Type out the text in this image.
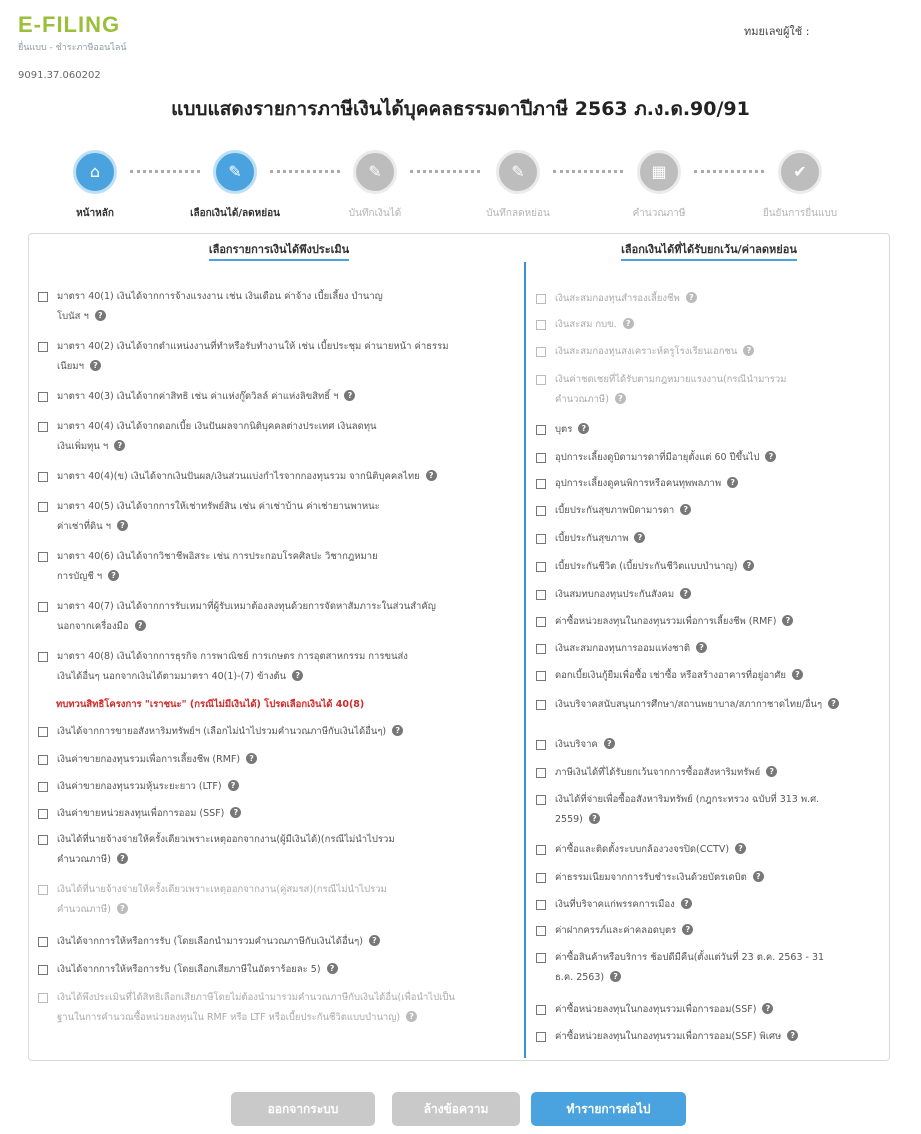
E-FILING
ยื่นแบบ - ชำระภาษีออนไลน์
ทมยเลขผู้ใช้ :
9091.37.060202
แบบแสดงรายการภาษีเงินได้บุคคลธรรมดาปีภาษี 2563 ภ.ง.ด.90/91
⌂
หน้าหลัก
✎
เลือกเงินได้/ลดหย่อน
✎
บันทึกเงินได้
✎
บันทึกลดหย่อน
▦
คำนวณภาษี
✔
ยืนยันการยื่นแบบ
เลือกรายการเงินได้พึงประเมิน	เลือกเงินได้ที่ได้รับยกเว้น/ค่าลดหย่อน
มาตรา 40(1) เงินได้จากการจ้างแรงงาน เช่น เงินเดือน ค่าจ้าง เบี้ยเลี้ยง บำนาญ
โบนัส ฯ ?
มาตรา 40(2) เงินได้จากตำแหน่งงานที่ทำหรือรับทำงานให้ เช่น เบี้ยประชุม ค่านายหน้า ค่าธรรม
เนียมฯ ?
มาตรา 40(3) เงินได้จากค่าสิทธิ เช่น ค่าแห่งกู๊ดวิลล์ ค่าแห่งลิขสิทธิ์ ฯ ?
มาตรา 40(4) เงินได้จากดอกเบี้ย เงินปันผลจากนิติบุคคลต่างประเทศ เงินลดทุน
เงินเพิ่มทุน ฯ ?
มาตรา 40(4)(ข) เงินได้จากเงินปันผล/เงินส่วนแบ่งกำไรจากกองทุนรวม จากนิติบุคคลไทย ?
มาตรา 40(5) เงินได้จากการให้เช่าทรัพย์สิน เช่น ค่าเช่าบ้าน ค่าเช่ายานพาหนะ
ค่าเช่าที่ดิน ฯ ?
มาตรา 40(6) เงินได้จากวิชาชีพอิสระ เช่น การประกอบโรคศิลปะ วิชากฎหมาย
การบัญชี ฯ ?
มาตรา 40(7) เงินได้จากการรับเหมาที่ผู้รับเหมาต้องลงทุนด้วยการจัดหาสัมภาระในส่วนสำคัญ
นอกจากเครื่องมือ ?
มาตรา 40(8) เงินได้จากการธุรกิจ การพาณิชย์ การเกษตร การอุตสาหกรรม การขนส่ง
เงินได้อื่นๆ นอกจากเงินได้ตามมาตรา 40(1)-(7) ข้างต้น ?
เงินได้จากการขายอสังหาริมทรัพย์ฯ (เลือกไม่นำไปรวมคำนวณภาษีกับเงินได้อื่นๆ) ?
เงินค่าขายกองทุนรวมเพื่อการเลี้ยงชีพ (RMF) ?
เงินค่าขายกองทุนรวมหุ้นระยะยาว (LTF) ?
เงินค่าขายหน่วยลงทุนเพื่อการออม (SSF) ?
เงินได้ที่นายจ้างจ่ายให้ครั้งเดียวเพราะเหตุออกจากงาน(ผู้มีเงินได้)(กรณีไม่นำไปรวม
คำนวณภาษี) ?
เงินได้ที่นายจ้างจ่ายให้ครั้งเดียวเพราะเหตุออกจากงาน(คู่สมรส)(กรณีไม่นำไปรวม
คำนวณภาษี) ?
เงินได้จากการให้หรือการรับ (โดยเลือกนำมารวมคำนวณภาษีกับเงินได้อื่นๆ) ?
เงินได้จากการให้หรือการรับ (โดยเลือกเสียภาษีในอัตราร้อยละ 5) ?
เงินได้พึงประเมินที่ได้สิทธิเลือกเสียภาษีโดยไม่ต้องนำมารวมคำนวณภาษีกับเงินได้อื่น(เพื่อนำไปเป็น
ฐานในการคำนวณซื้อหน่วยลงทุนใน RMF หรือ LTF หรือเบี้ยประกันชีวิตแบบบำนาญ) ?
ทบทวนสิทธิโครงการ "เราชนะ" (กรณีไม่มีเงินได้) โปรดเลือกเงินได้ 40(8)
เงินสะสมกองทุนสำรองเลี้ยงชีพ ?
เงินสะสม กบข. ?
เงินสะสมกองทุนสงเคราะห์ครูโรงเรียนเอกชน ?
เงินค่าชดเชยที่ได้รับตามกฎหมายแรงงาน(กรณีนำมารวม
คำนวณภาษี) ?
บุตร ?
อุปการะเลี้ยงดูบิดามารดาที่มีอายุตั้งแต่ 60 ปีขึ้นไป ?
อุปการะเลี้ยงดูคนพิการหรือคนทุพพลภาพ ?
เบี้ยประกันสุขภาพบิดามารดา ?
เบี้ยประกันสุขภาพ ?
เบี้ยประกันชีวิต (เบี้ยประกันชีวิตแบบบำนาญ) ?
เงินสมทบกองทุนประกันสังคม ?
ค่าซื้อหน่วยลงทุนในกองทุนรวมเพื่อการเลี้ยงชีพ (RMF) ?
เงินสะสมกองทุนการออมแห่งชาติ ?
ดอกเบี้ยเงินกู้ยืมเพื่อซื้อ เช่าซื้อ หรือสร้างอาคารที่อยู่อาศัย ?
เงินบริจาคสนับสนุนการศึกษา/สถานพยาบาล/สภากาชาดไทย/อื่นๆ ?
เงินบริจาค ?
ภาษีเงินได้ที่ได้รับยกเว้นจากการซื้ออสังหาริมทรัพย์ ?
เงินได้ที่จ่ายเพื่อซื้ออสังหาริมทรัพย์ (กฎกระทรวง ฉบับที่ 313 พ.ศ.
2559) ?
ค่าซื้อและติดตั้งระบบกล้องวงจรปิด(CCTV) ?
ค่าธรรมเนียมจากการรับชำระเงินด้วยบัตรเดบิต ?
เงินที่บริจาคแก่พรรคการเมือง ?
ค่าฝากครรภ์และค่าคลอดบุตร ?
ค่าซื้อสินค้าหรือบริการ ช้อปดีมีคืน(ตั้งแต่วันที่ 23 ต.ค. 2563 - 31
ธ.ค. 2563) ?
ค่าซื้อหน่วยลงทุนในกองทุนรวมเพื่อการออม(SSF) ?
ค่าซื้อหน่วยลงทุนในกองทุนรวมเพื่อการออม(SSF) พิเศษ ?
ออกจากระบบ	ล้างข้อความ	ทำรายการต่อไป
